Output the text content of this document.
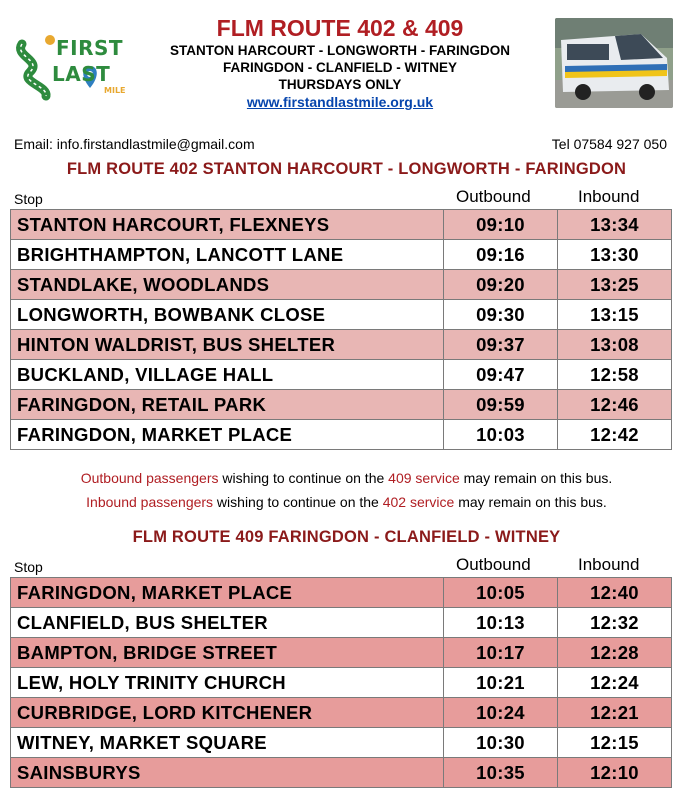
FIRST
LAST
MILE
FLM ROUTE 402 & 409
STANTON HARCOURT - LONGWORTH - FARINGDON
FARINGDON - CLANFIELD - WITNEY
THURSDAYS ONLY
www.firstandlastmile.org.uk
Email: info.firstandlastmile@gmail.com	Tel 07584 927 050
FLM ROUTE 402 STANTON HARCOURT - LONGWORTH - FARINGDON
Stop	Outbound	Inbound
STANTON HARCOURT, FLEXNEYS	09:10	13:34
BRIGHTHAMPTON, LANCOTT LANE	09:16	13:30
STANDLAKE, WOODLANDS	09:20	13:25
LONGWORTH, BOWBANK CLOSE	09:30	13:15
HINTON WALDRIST, BUS SHELTER	09:37	13:08
BUCKLAND, VILLAGE HALL	09:47	12:58
FARINGDON, RETAIL PARK	09:59	12:46
FARINGDON, MARKET PLACE	10:03	12:42
Outbound passengers wishing to continue on the 409 service may remain on this bus.
Inbound passengers wishing to continue on the 402 service may remain on this bus.
FLM ROUTE 409 FARINGDON - CLANFIELD - WITNEY
Stop	Outbound	Inbound
FARINGDON, MARKET PLACE	10:05	12:40
CLANFIELD, BUS SHELTER	10:13	12:32
BAMPTON, BRIDGE STREET	10:17	12:28
LEW, HOLY TRINITY CHURCH	10:21	12:24
CURBRIDGE, LORD KITCHENER	10:24	12:21
WITNEY, MARKET SQUARE	10:30	12:15
SAINSBURYS	10:35	12:10
